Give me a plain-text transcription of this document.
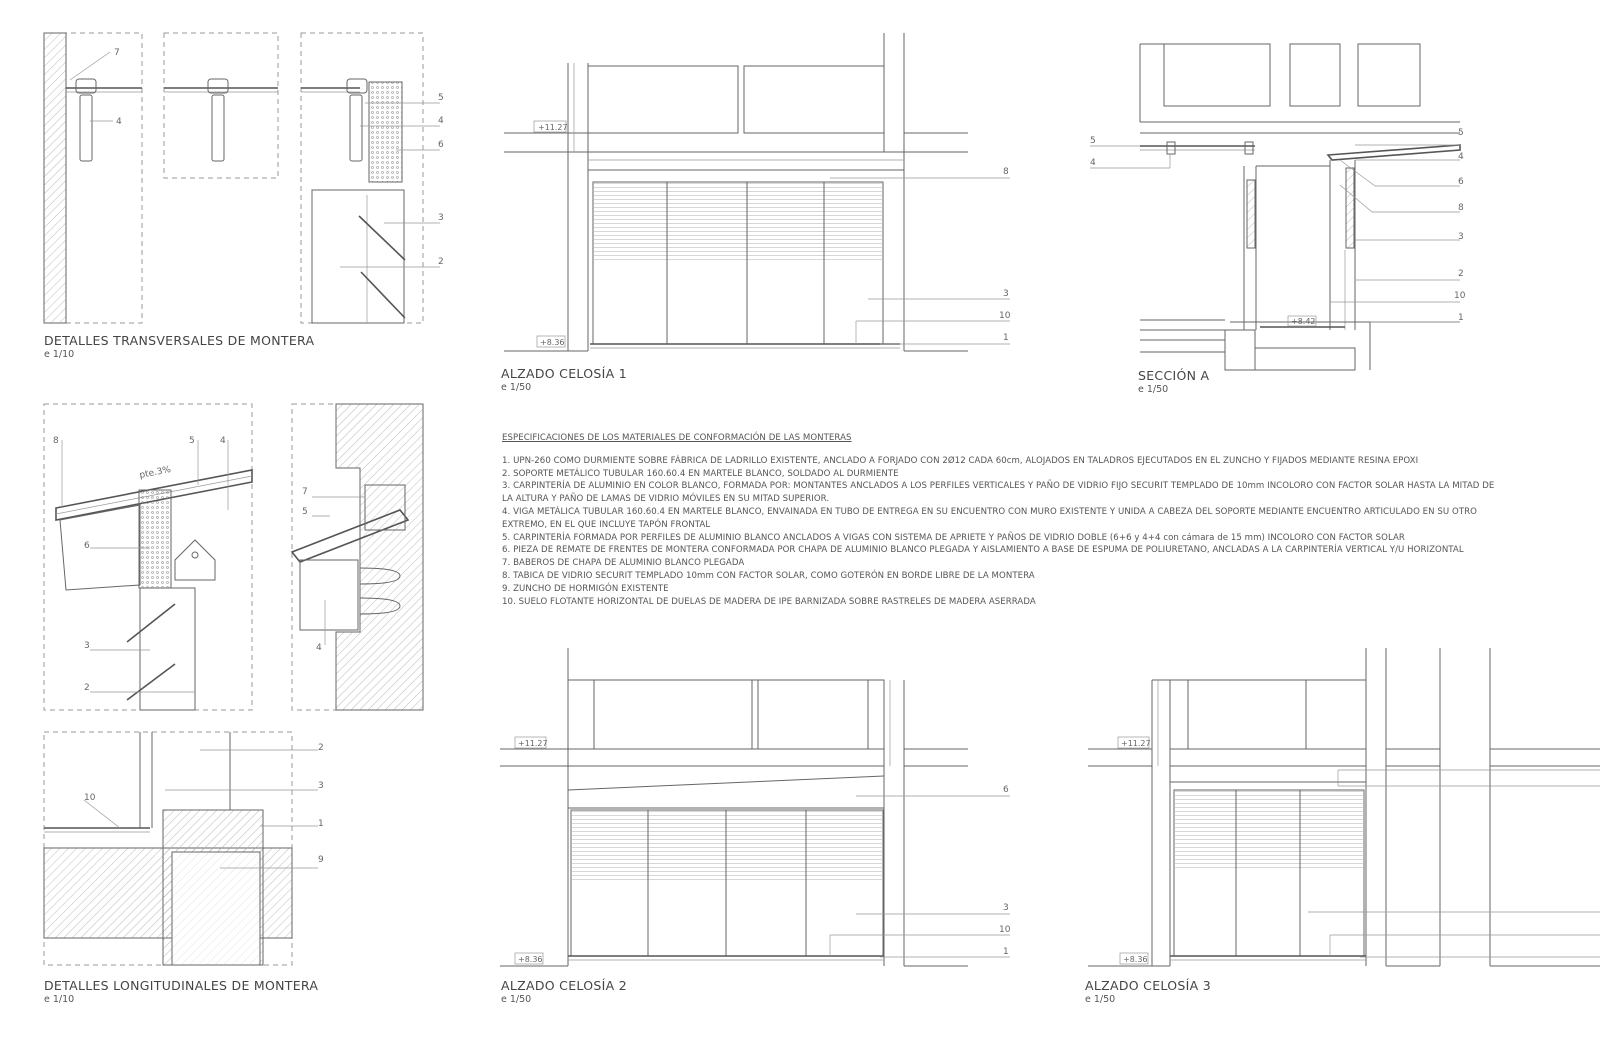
7
4
5
4
6
3
2
8	5	4
6
3
2
7
5
4
10
2
3
1
9
pte.3%
+11.27
+8.36
8
3
10
1
5
4
5
4
6
8
3
2
10
1
+8.42
+11.27
+8.36
6
3
10
1
+11.27
+8.36
DETALLES TRANSVERSALES DE MONTERA
e 1/10
DETALLES LONGITUDINALES DE MONTERA
e 1/10
ALZADO CELOSÍA 1
e 1/50
SECCIÓN A
e 1/50
ALZADO CELOSÍA 2
e 1/50
ALZADO CELOSÍA 3
e 1/50
ESPECIFICACIONES DE LOS MATERIALES DE CONFORMACIÓN DE LAS MONTERAS

1. UPN-260 COMO DURMIENTE SOBRE FÁBRICA DE LADRILLO EXISTENTE, ANCLADO A FORJADO CON 2Ø12 CADA 60cm, ALOJADOS EN TALADROS EJECUTADOS EN EL ZUNCHO Y FIJADOS MEDIANTE RESINA EPOXI

2. SOPORTE METÁLICO TUBULAR 160.60.4 EN MARTELE BLANCO, SOLDADO AL DURMIENTE

3. CARPINTERÍA DE ALUMINIO EN COLOR BLANCO, FORMADA POR: MONTANTES ANCLADOS A LOS PERFILES VERTICALES Y PAÑO DE VIDRIO FIJO SECURIT TEMPLADO DE 10mm INCOLORO CON FACTOR SOLAR HASTA LA MITAD DE LA ALTURA Y PAÑO DE LAMAS DE VIDRIO MÓVILES EN SU MITAD SUPERIOR.

4. VIGA METÁLICA TUBULAR 160.60.4 EN MARTELE BLANCO, ENVAINADA EN TUBO DE ENTREGA EN SU ENCUENTRO CON MURO EXISTENTE Y UNIDA A CABEZA DEL SOPORTE MEDIANTE ENCUENTRO ARTICULADO EN SU OTRO EXTREMO, EN EL QUE INCLUYE TAPÓN FRONTAL

5. CARPINTERÍA FORMADA POR PERFILES DE ALUMINIO BLANCO ANCLADOS A VIGAS CON SISTEMA DE APRIETE Y PAÑOS DE VIDRIO DOBLE (6+6 y 4+4 con cámara de 15 mm) INCOLORO CON FACTOR SOLAR

6. PIEZA DE REMATE DE FRENTES DE MONTERA CONFORMADA POR CHAPA DE ALUMINIO BLANCO PLEGADA Y AISLAMIENTO A BASE DE ESPUMA DE POLIURETANO, ANCLADAS A LA CARPINTERÍA VERTICAL Y/U HORIZONTAL

7. BABEROS DE CHAPA DE ALUMINIO BLANCO PLEGADA

8. TABICA DE VIDRIO SECURIT TEMPLADO 10mm CON FACTOR SOLAR, COMO GOTERÓN EN BORDE LIBRE DE LA MONTERA

9. ZUNCHO DE HORMIGÓN EXISTENTE

10. SUELO FLOTANTE HORIZONTAL DE DUELAS DE MADERA DE IPE BARNIZADA SOBRE RASTRELES DE MADERA ASERRADA
